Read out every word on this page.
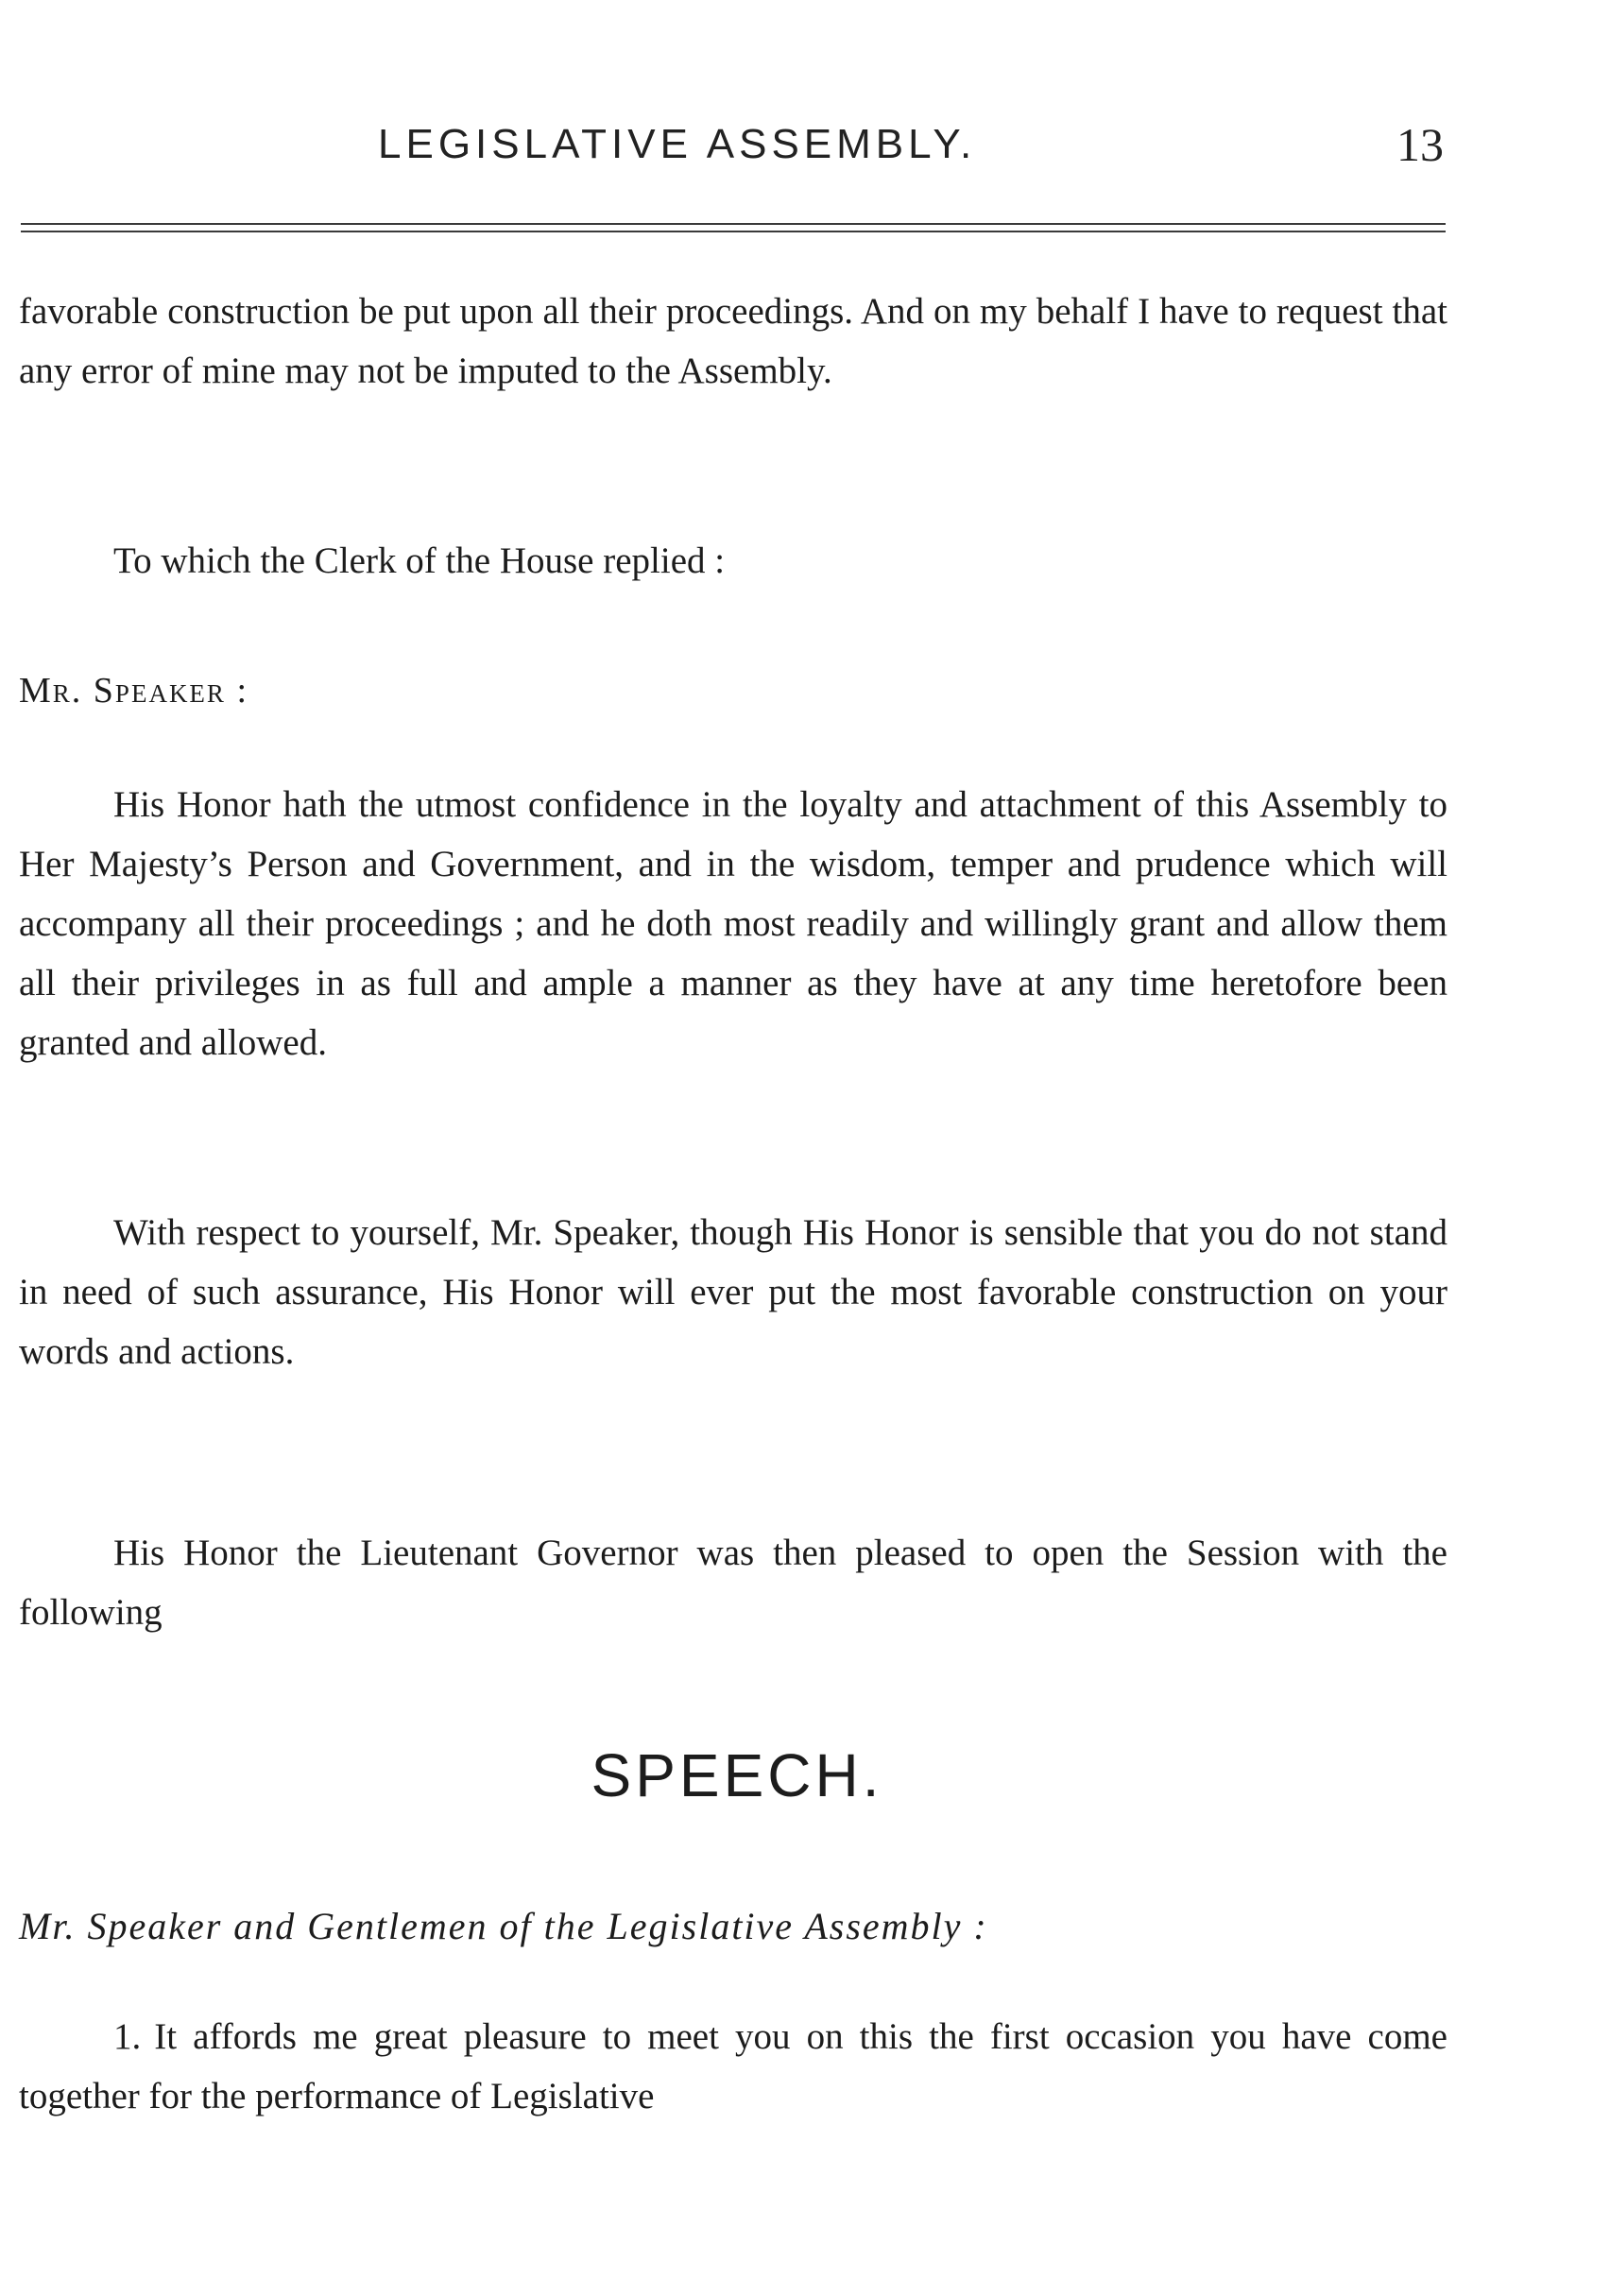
LEGISLATIVE ASSEMBLY.	13

favorable construction be put upon all their proceedings. And on my behalf I have to request that any error of mine may not be imputed to the Assembly.

To which the Clerk of the House replied :

Mr. Speaker :

His Honor hath the utmost confidence in the loyalty and attachment of this Assembly to Her Majesty’s Person and Government, and in the wisdom, temper and prudence which will accompany all their proceedings ; and he doth most readily and willingly grant and allow them all their privileges in as full and ample a manner as they have at any time heretofore been granted and allowed.

With respect to yourself, Mr. Speaker, though His Honor is sensible that you do not stand in need of such assurance, His Honor will ever put the most favorable construction on your words and actions.

His Honor the Lieutenant Governor was then pleased to open the Session with the following

SPEECH.

Mr. Speaker and Gentlemen of the Legislative Assembly :

1. It affords me great pleasure to meet you on this the first occasion you have come together for the performance of Legislative
